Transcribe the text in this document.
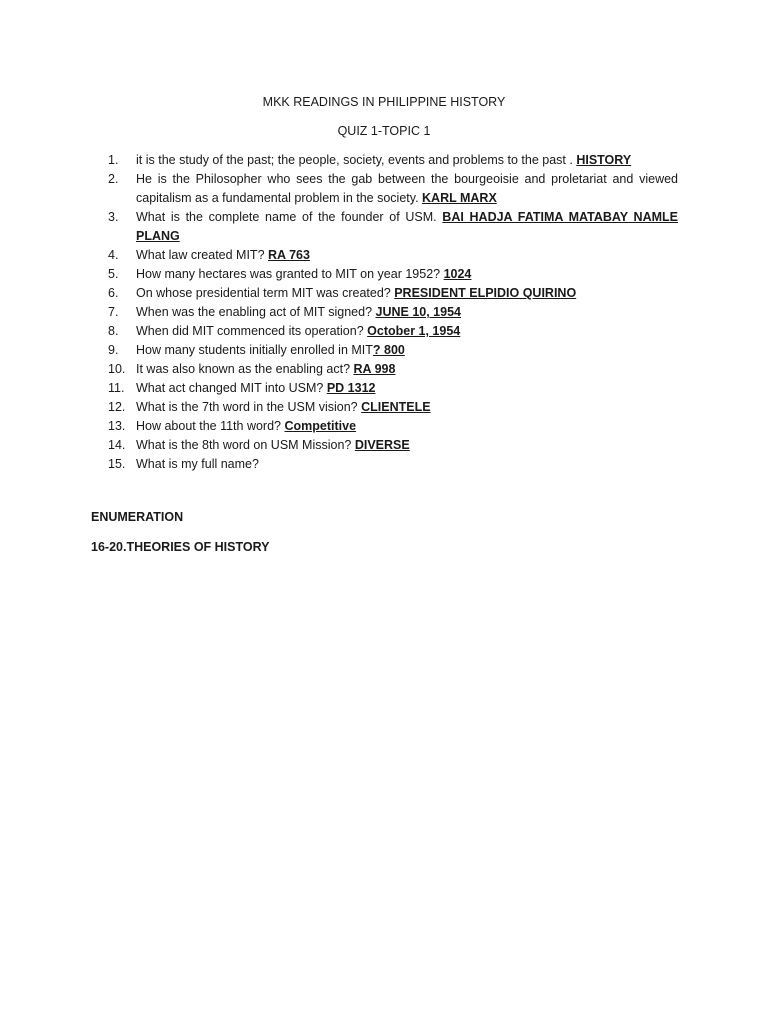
MKK READINGS IN PHILIPPINE HISTORY

QUIZ 1-TOPIC 1

1.	it is the study of the past; the people, society, events and problems to the past . HISTORY
2.	He is the Philosopher who sees the gab between the bourgeoisie and proletariat and viewed capitalism as a fundamental problem in the society. KARL MARX
3.	What is the complete name of the founder of USM. BAI HADJA FATIMA MATABAY NAMLE PLANG
4.	What law created MIT? RA 763
5.	How many hectares was granted to MIT on year 1952? 1024
6.	On whose presidential term MIT was created? PRESIDENT ELPIDIO QUIRINO
7.	When was the enabling act of MIT signed? JUNE 10, 1954
8.	When did MIT commenced its operation? October 1, 1954
9.	How many students initially enrolled in MIT? 800
10. It was also known as the enabling act? RA 998
11. What act changed MIT into USM? PD 1312
12. What is the 7th word in the USM vision? CLIENTELE
13. How about the 11th word? Competitive
14. What is the 8th word on USM Mission? DIVERSE
15. What is my full name?

ENUMERATION

16-20.THEORIES OF HISTORY
